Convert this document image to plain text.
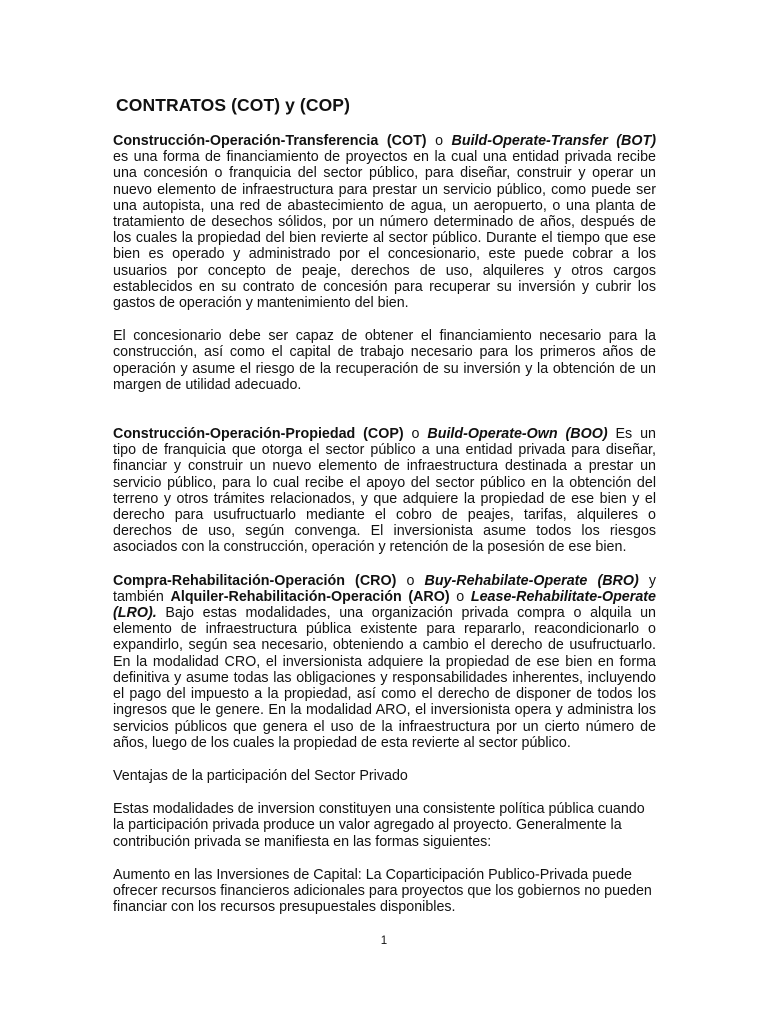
CONTRATOS (COT) y (COP)

Construcción-Operación-Transferencia (COT) o Build-Operate-Transfer (BOT) es una forma de financiamiento de proyectos en la cual una entidad privada recibe una concesión o franquicia del sector público, para diseñar, construir y operar un nuevo elemento de infraestructura para prestar un servicio público, como puede ser una autopista, una red de abastecimiento de agua, un aeropuerto, o una planta de tratamiento de desechos sólidos, por un número determinado de años, después de los cuales la propiedad del bien revierte al sector público. Durante el tiempo que ese bien es operado y administrado por el concesionario, este puede cobrar a los usuarios por concepto de peaje, derechos de uso, alquileres y otros cargos establecidos en su contrato de concesión para recuperar su inversión y cubrir los gastos de operación y mantenimiento del bien.

El concesionario debe ser capaz de obtener el financiamiento necesario para la construcción, así como el capital de trabajo necesario para los primeros años de operación y asume el riesgo de la recuperación de su inversión y la obtención de un margen de utilidad adecuado.

Construcción-Operación-Propiedad (COP) o Build-Operate-Own (BOO) Es un tipo de franquicia que otorga el sector público a una entidad privada para diseñar, financiar y construir un nuevo elemento de infraestructura destinada a prestar un servicio público, para lo cual recibe el apoyo del sector público en la obtención del terreno y otros trámites relacionados, y que adquiere la propiedad de ese bien y el derecho para usufructuarlo mediante el cobro de peajes, tarifas, alquileres o derechos de uso, según convenga. El inversionista asume todos los riesgos asociados con la construcción, operación y retención de la posesión de ese bien.

Compra-Rehabilitación-Operación (CRO) o Buy-Rehabilate-Operate (BRO) y también Alquiler-Rehabilitación-Operación (ARO) o Lease-Rehabilitate-Operate (LRO). Bajo estas modalidades, una organización privada compra o alquila un elemento de infraestructura pública existente para repararlo, reacondicionarlo o expandirlo, según sea necesario, obteniendo a cambio el derecho de usufructuarlo. En la modalidad CRO, el inversionista adquiere la propiedad de ese bien en forma definitiva y asume todas las obligaciones y responsabilidades inherentes, incluyendo el pago del impuesto a la propiedad, así como el derecho de disponer de todos los ingresos que le genere. En la modalidad ARO, el inversionista opera y administra los servicios públicos que genera el uso de la infraestructura por un cierto número de años, luego de los cuales la propiedad de esta revierte al sector público.

Ventajas de la participación del Sector Privado

Estas modalidades de inversion constituyen una consistente política pública cuando la participación privada produce un valor agregado al proyecto. Generalmente la contribución privada se manifiesta en las formas siguientes:

Aumento en las Inversiones de Capital: La Coparticipación Publico-Privada puede ofrecer recursos financieros adicionales para proyectos que los gobiernos no pueden financiar con los recursos presupuestales disponibles.

1
